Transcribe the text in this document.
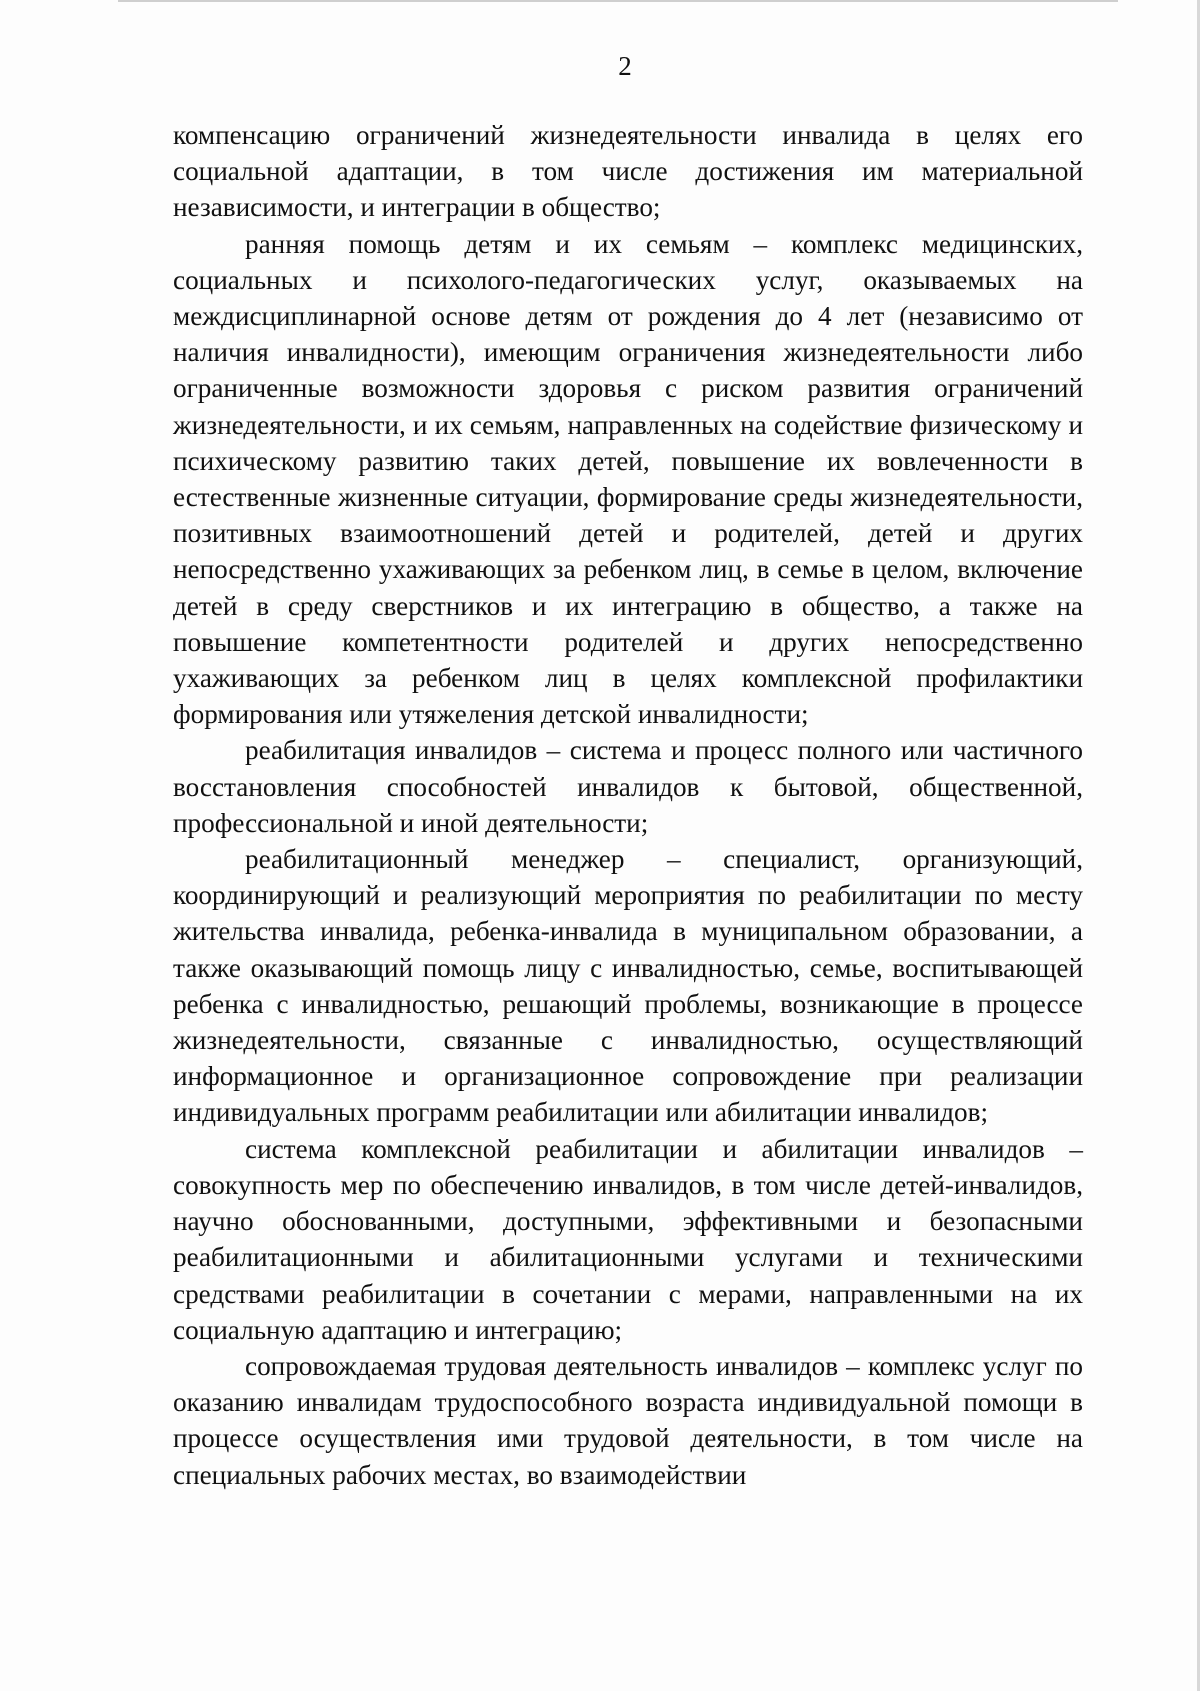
2

компенсацию ограничений жизнедеятельности инвалида в целях его социальной адаптации, в том числе достижения им материальной независимости, и интеграции в общество;

ранняя помощь детям и их семьям – комплекс медицинских, социальных и психолого-педагогических услуг, оказываемых на междисциплинарной основе детям от рождения до 4 лет (независимо от наличия инвалидности), имеющим ограничения жизнедеятельности либо ограниченные возможности здоровья с риском развития ограничений жизнедеятельности, и их семьям, направленных на содействие физическому и психическому развитию таких детей, повышение их вовлеченности в естественные жизненные ситуации, формирование среды жизнедеятельности, позитивных взаимоотношений детей и родителей, детей и других непосредственно ухаживающих за ребенком лиц, в семье в целом, включение детей в среду сверстников и их интеграцию в общество, а также на повышение компетентности родителей и других непосредственно ухаживающих за ребенком лиц в целях комплексной профилактики формирования или утяжеления детской инвалидности;

реабилитация инвалидов – система и процесс полного или частичного восстановления способностей инвалидов к бытовой, общественной, профессиональной и иной деятельности;

реабилитационный менеджер – специалист, организующий, координирующий и реализующий мероприятия по реабилитации по месту жительства инвалида, ребенка-инвалида в муниципальном образовании, а также оказывающий помощь лицу с инвалидностью, семье, воспитывающей ребенка с инвалидностью, решающий проблемы, возникающие в процессе жизнедеятельности, связанные с инвалидностью, осуществляющий информационное и организационное сопровождение при реализации индивидуальных программ реабилитации или абилитации инвалидов;

система комплексной реабилитации и абилитации инвалидов – совокупность мер по обеспечению инвалидов, в том числе детей-инвалидов, научно обоснованными, доступными, эффективными и безопасными реабилитационными и абилитационными услугами и техническими средствами реабилитации в сочетании с мерами, направленными на их социальную адаптацию и интеграцию;

сопровождаемая трудовая деятельность инвалидов – комплекс услуг по оказанию инвалидам трудоспособного возраста индивидуальной помощи в процессе осуществления ими трудовой деятельности, в том числе на специальных рабочих местах, во взаимодействии
